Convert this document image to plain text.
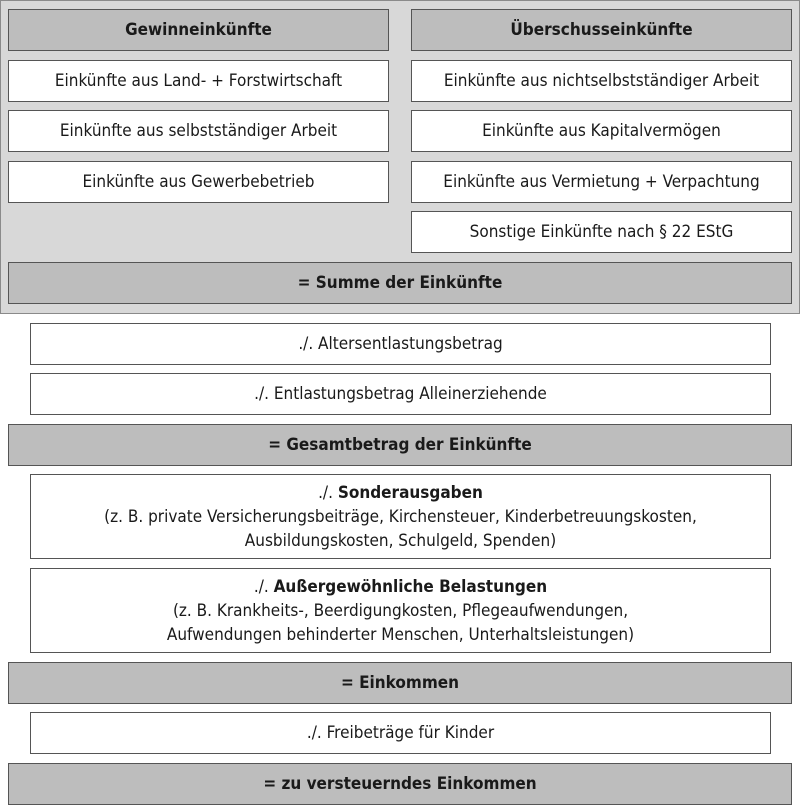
Gewinneinkünfte	Überschusseinkünfte
Einkünfte aus Land- + Forstwirtschaft
Einkünfte aus selbstständiger Arbeit
Einkünfte aus Gewerbebetrieb
Einkünfte aus nichtselbstständiger Arbeit
Einkünfte aus Kapitalvermögen
Einkünfte aus Vermietung + Verpachtung
Sonstige Einkünfte nach § 22 EStG
= Summe der Einkünfte
./. Altersentlastungsbetrag
./. Entlastungsbetrag Alleinerziehende
= Gesamtbetrag der Einkünfte
./. Sonderausgaben
(z. B. private Versicherungsbeiträge, Kirchensteuer, Kinderbetreuungskosten,
Ausbildungskosten, Schulgeld, Spenden)
./. Außergewöhnliche Belastungen
(z. B. Krankheits-, Beerdigungkosten, Pflegeaufwendungen,
Aufwendungen behinderter Menschen, Unterhaltsleistungen)
= Einkommen
./. Freibeträge für Kinder
= zu versteuerndes Einkommen
